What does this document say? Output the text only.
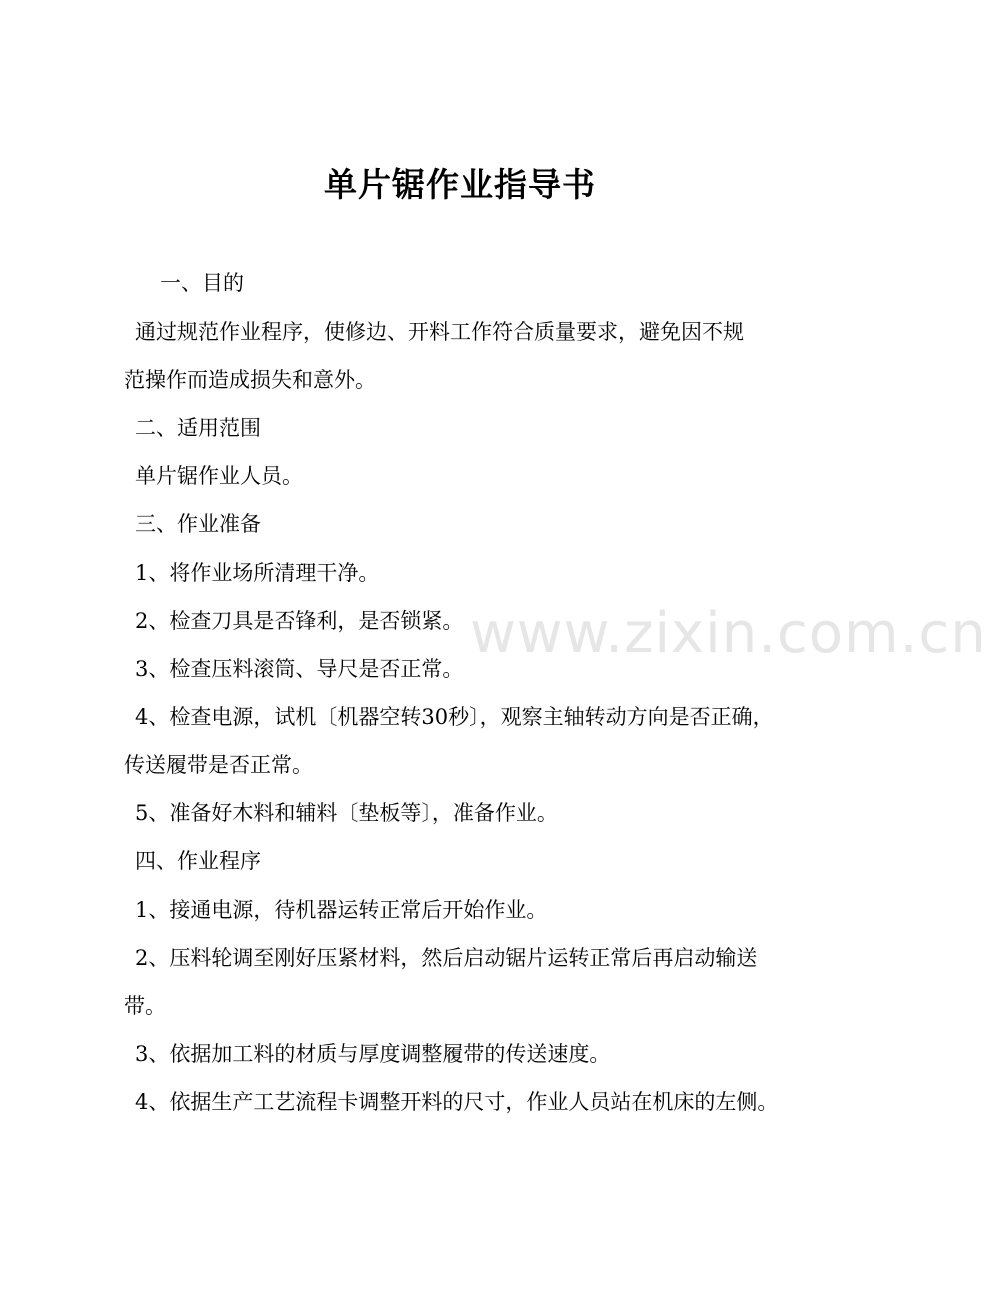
www.zixin.com.cn
单片锯作业指导书
一、目的
通过规范作业程序，使修边、开料工作符合质量要求，避免因不规
范操作而造成损失和意外。
二、适用范围
单片锯作业人员。
三、作业准备
1、将作业场所清理干净。
2、检查刀具是否锋利，是否锁紧。
3、检查压料滚筒、导尺是否正常。
4、检查电源，试机〔机器空转30秒〕，观察主轴转动方向是否正确，
传送履带是否正常。
5、准备好木料和辅料〔垫板等〕，准备作业。
四、作业程序
1、接通电源，待机器运转正常后开始作业。
2、压料轮调至刚好压紧材料，然后启动锯片运转正常后再启动输送
带。
3、依据加工料的材质与厚度调整履带的传送速度。
4、依据生产工艺流程卡调整开料的尺寸，作业人员站在机床的左侧。
